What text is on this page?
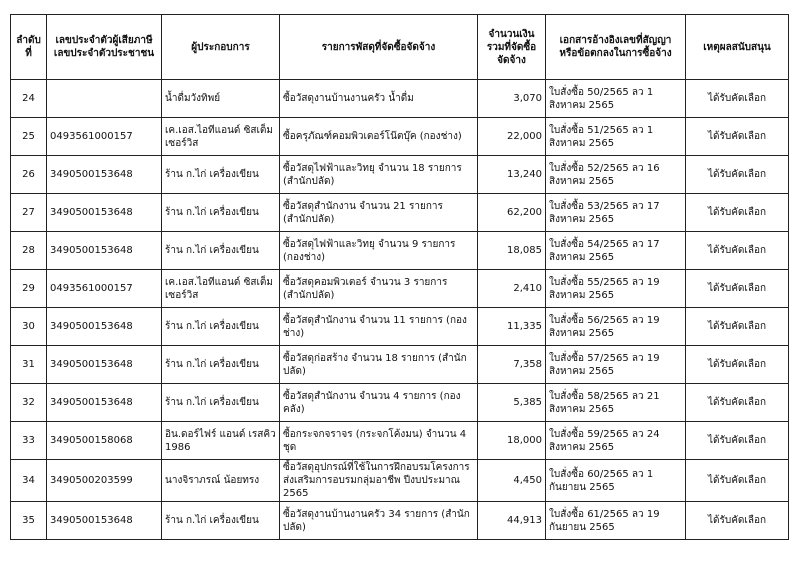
ลำดับที่	เลขประจำตัวผู้เสียภาษี เลขประจำตัวประชาชน	ผู้ประกอบการ	รายการพัสดุที่จัดซื้อจัดจ้าง	จำนวนเงิน รวมที่จัดซื้อจัดจ้าง	เอกสารอ้างอิงเลขที่สัญญา หรือข้อตกลงในการซื้อจ้าง	เหตุผลสนับสนุน
24		น้ำดื่มวังทิพย์	ซื้อวัสดุงานบ้านงานครัว น้ำดื่ม	3,070	ใบสั่งซื้อ 50/2565 ลว 1 สิงหาคม 2565	ได้รับคัดเลือก
25	0493561000157	เค.เอส.ไอทีแอนด์ ซิสเต็ม เซอร์วิส	ซื้อครุภัณฑ์คอมพิวเตอร์โน๊ตบุ๊ค (กองช่าง)	22,000	ใบสั่งซื้อ 51/2565 ลว 1 สิงหาคม 2565	ได้รับคัดเลือก
26	3490500153648	ร้าน ก.ไก่ เครื่องเขียน	ซื้อวัสดุไฟฟ้าและวิทยุ จำนวน 18 รายการ (สำนักปลัด)	13,240	ใบสั่งซื้อ 52/2565 ลว 16 สิงหาคม 2565	ได้รับคัดเลือก
27	3490500153648	ร้าน ก.ไก่ เครื่องเขียน	ซื้อวัสดุสำนักงาน จำนวน 21 รายการ (สำนักปลัด)	62,200	ใบสั่งซื้อ 53/2565 ลว 17 สิงหาคม 2565	ได้รับคัดเลือก
28	3490500153648	ร้าน ก.ไก่ เครื่องเขียน	ซื้อวัสดุไฟฟ้าและวิทยุ จำนวน 9 รายการ (กองช่าง)	18,085	ใบสั่งซื้อ 54/2565 ลว 17 สิงหาคม 2565	ได้รับคัดเลือก
29	0493561000157	เค.เอส.ไอทีแอนด์ ซิสเต็ม เซอร์วิส	ซื้อวัสดุคอมพิวเตอร์ จำนวน 3 รายการ (สำนักปลัด)	2,410	ใบสั่งซื้อ 55/2565 ลว 19 สิงหาคม 2565	ได้รับคัดเลือก
30	3490500153648	ร้าน ก.ไก่ เครื่องเขียน	ซื้อวัสดุสำนักงาน จำนวน 11 รายการ (กองช่าง)	11,335	ใบสั่งซื้อ 56/2565 ลว 19 สิงหาคม 2565	ได้รับคัดเลือก
31	3490500153648	ร้าน ก.ไก่ เครื่องเขียน	ซื้อวัสดุก่อสร้าง จำนวน 18 รายการ (สำนักปลัด)	7,358	ใบสั่งซื้อ 57/2565 ลว 19 สิงหาคม 2565	ได้รับคัดเลือก
32	3490500153648	ร้าน ก.ไก่ เครื่องเขียน	ซื้อวัสดุสำนักงาน จำนวน 4 รายการ (กองคลัง)	5,385	ใบสั่งซื้อ 58/2565 ลว 21 สิงหาคม 2565	ได้รับคัดเลือก
33	3490500158068	อิน.ดอร์ไฟร์ แอนด์ เรสคิว 1986	ซื้อกระจกจราจร (กระจกโค้งมน) จำนวน 4 ชุด	18,000	ใบสั่งซื้อ 59/2565 ลว 24 สิงหาคม 2565	ได้รับคัดเลือก
34	3490500203599	นางจิราภรณ์ น้อยทรง	ซื้อวัสดุอุปกรณ์ที่ใช้ในการฝึกอบรมโครงการส่งเสริมการอบรมกลุ่มอาชีพ ปีงบประมาณ 2565	4,450	ใบสั่งซื้อ 60/2565 ลว 1 กันยายน 2565	ได้รับคัดเลือก
35	3490500153648	ร้าน ก.ไก่ เครื่องเขียน	ซื้อวัสดุงานบ้านงานครัว 34 รายการ (สำนักปลัด)	44,913	ใบสั่งซื้อ 61/2565 ลว 19 กันยายน 2565	ได้รับคัดเลือก
